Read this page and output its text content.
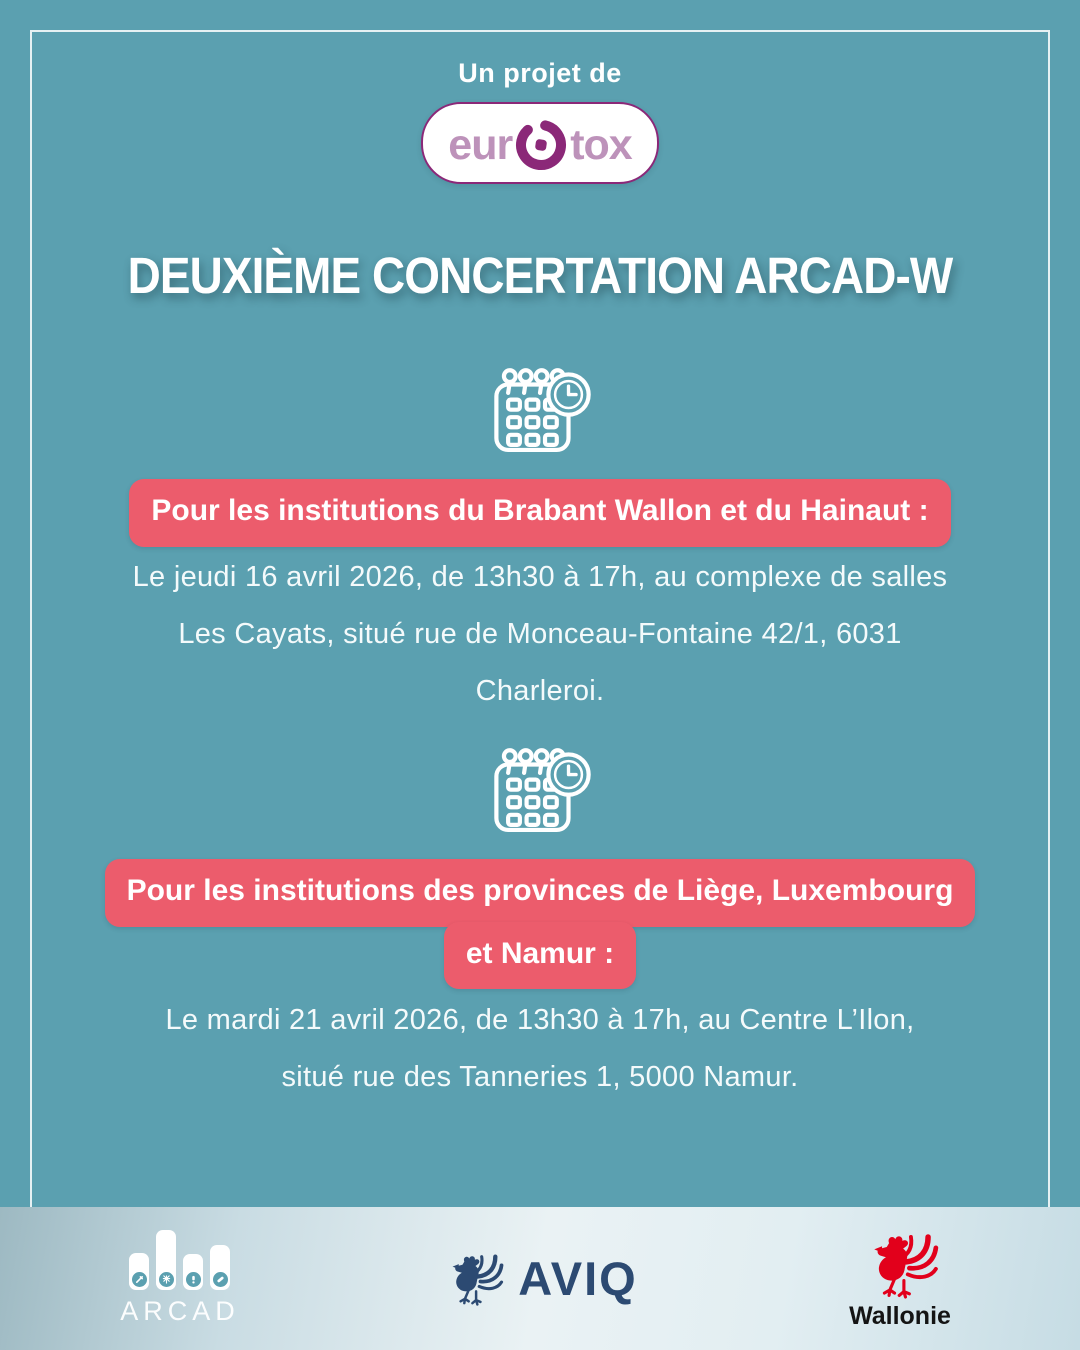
Un projet de
eur tox
DEUXIÈME CONCERTATION ARCAD-W
Pour les institutions du Brabant Wallon et du Hainaut :
Le jeudi 16 avril 2026, de 13h30 à 17h, au complexe de salles
Les Cayats, situé rue de Monceau-Fontaine 42/1, 6031
Charleroi.
Pour les institutions des provinces de Liège, Luxembourg
et Namur :
Le mardi 21 avril 2026, de 13h30 à 17h, au Centre L’Ilon,
situé rue des Tanneries 1, 5000 Namur.
ARCAD
AVIQ
Wallonie
